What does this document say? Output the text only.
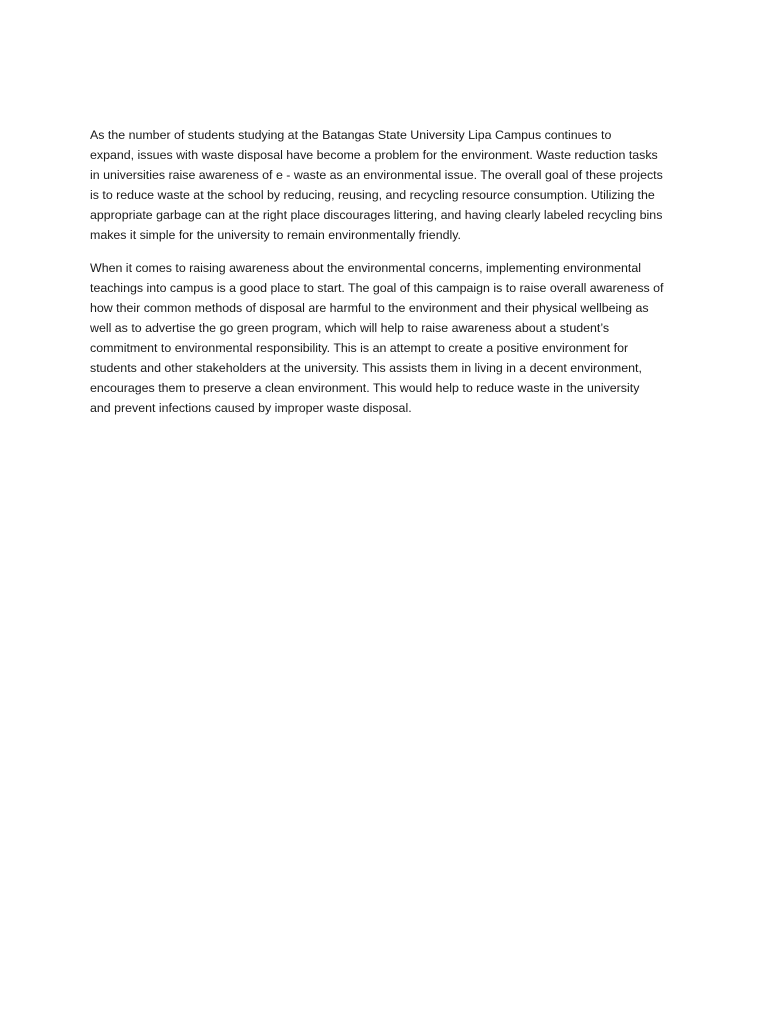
As the number of students studying at the Batangas State University Lipa Campus continues to
expand, issues with waste disposal have become a problem for the environment. Waste reduction tasks
in universities raise awareness of e - waste as an environmental issue. The overall goal of these projects
is to reduce waste at the school by reducing, reusing, and recycling resource consumption. Utilizing the
appropriate garbage can at the right place discourages littering, and having clearly labeled recycling bins
makes it simple for the university to remain environmentally friendly.

When it comes to raising awareness about the environmental concerns, implementing environmental
teachings into campus is a good place to start. The goal of this campaign is to raise overall awareness of
how their common methods of disposal are harmful to the environment and their physical wellbeing as
well as to advertise the go green program, which will help to raise awareness about a student’s
commitment to environmental responsibility. This is an attempt to create a positive environment for
students and other stakeholders at the university. This assists them in living in a decent environment,
encourages them to preserve a clean environment. This would help to reduce waste in the university
and prevent infections caused by improper waste disposal.
